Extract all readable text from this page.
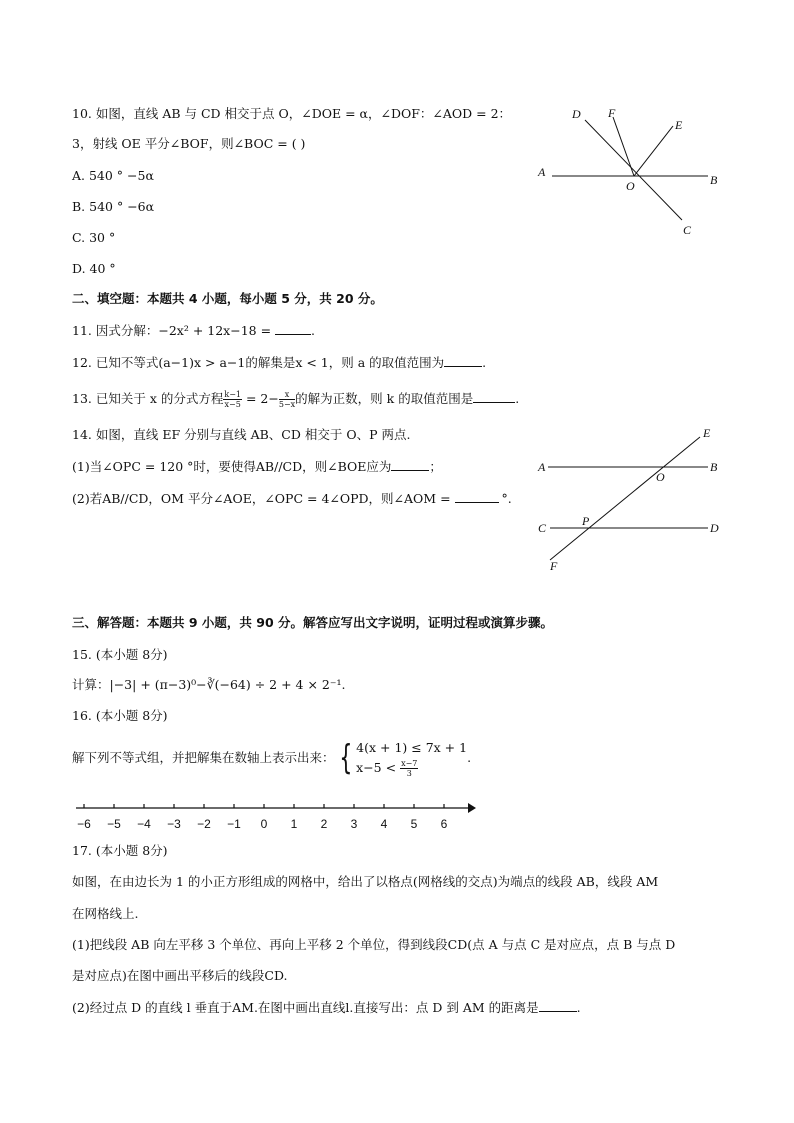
10. 如图，直线 AB 与 CD 相交于点 O，∠DOE = α，∠DOF：∠AOD = 2：
3，射线 OE 平分∠BOF，则∠BOC = ( )
A. 540 ° −5α
B. 540 ° −6α
C. 30 °
D. 40 °
D F
E
A
O	B
C
二、填空题：本题共 4 小题，每小题 5 分，共 20 分。
11. 因式分解：−2x² + 12x−18 =	.
12. 已知不等式(a−1)x > a−1的解集是x < 1，则 a 的取值范围为	.
13. 已知关于 x 的分式方程 $\frac{k-1}{x-5} = 2- \frac{x}{5-x}$ 的解为正数，则 k 的取值范围是	.
14. 如图，直线 EF 分别与直线 AB、CD 相交于 O、P 两点.
(1)当∠OPC = 120 °时，要使得AB//CD，则∠BOE应为	；
(2)若AB//CD，OM 平分∠AOE，∠OPC = 4∠OPD，则∠AOM =	°.
E
A	B
O
C	P	D
F
三、解答题：本题共 9 小题，共 90 分。解答应写出文字说明，证明过程或演算步骤。
15. (本小题 8分)
计算：|−3| + (π−3)⁰−∛(−64) ÷ 2 + 4 × 2⁻¹.
16. (本小题 8分)
解下列不等式组，并把解集在数轴上表示出来： { 4(x + 1) ≤ 7x + 1
$x-5 < \frac{x-7}{3}$
.
−6 −5 −4 −3 −2 −1 0 1 2 3 4 5 6
17. (本小题 8分)
如图，在由边长为 1 的小正方形组成的网格中，给出了以格点(网格线的交点)为端点的线段 AB，线段 AM
在网格线上.
(1)把线段 AB 向左平移 3 个单位、再向上平移 2 个单位，得到线段CD(点 A 与点 C 是对应点，点 B 与点 D
是对应点)在图中画出平移后的线段CD.
(2)经过点 D 的直线 l 垂直于AM.在图中画出直线l.直接写出：点 D 到 AM 的距离是	.
